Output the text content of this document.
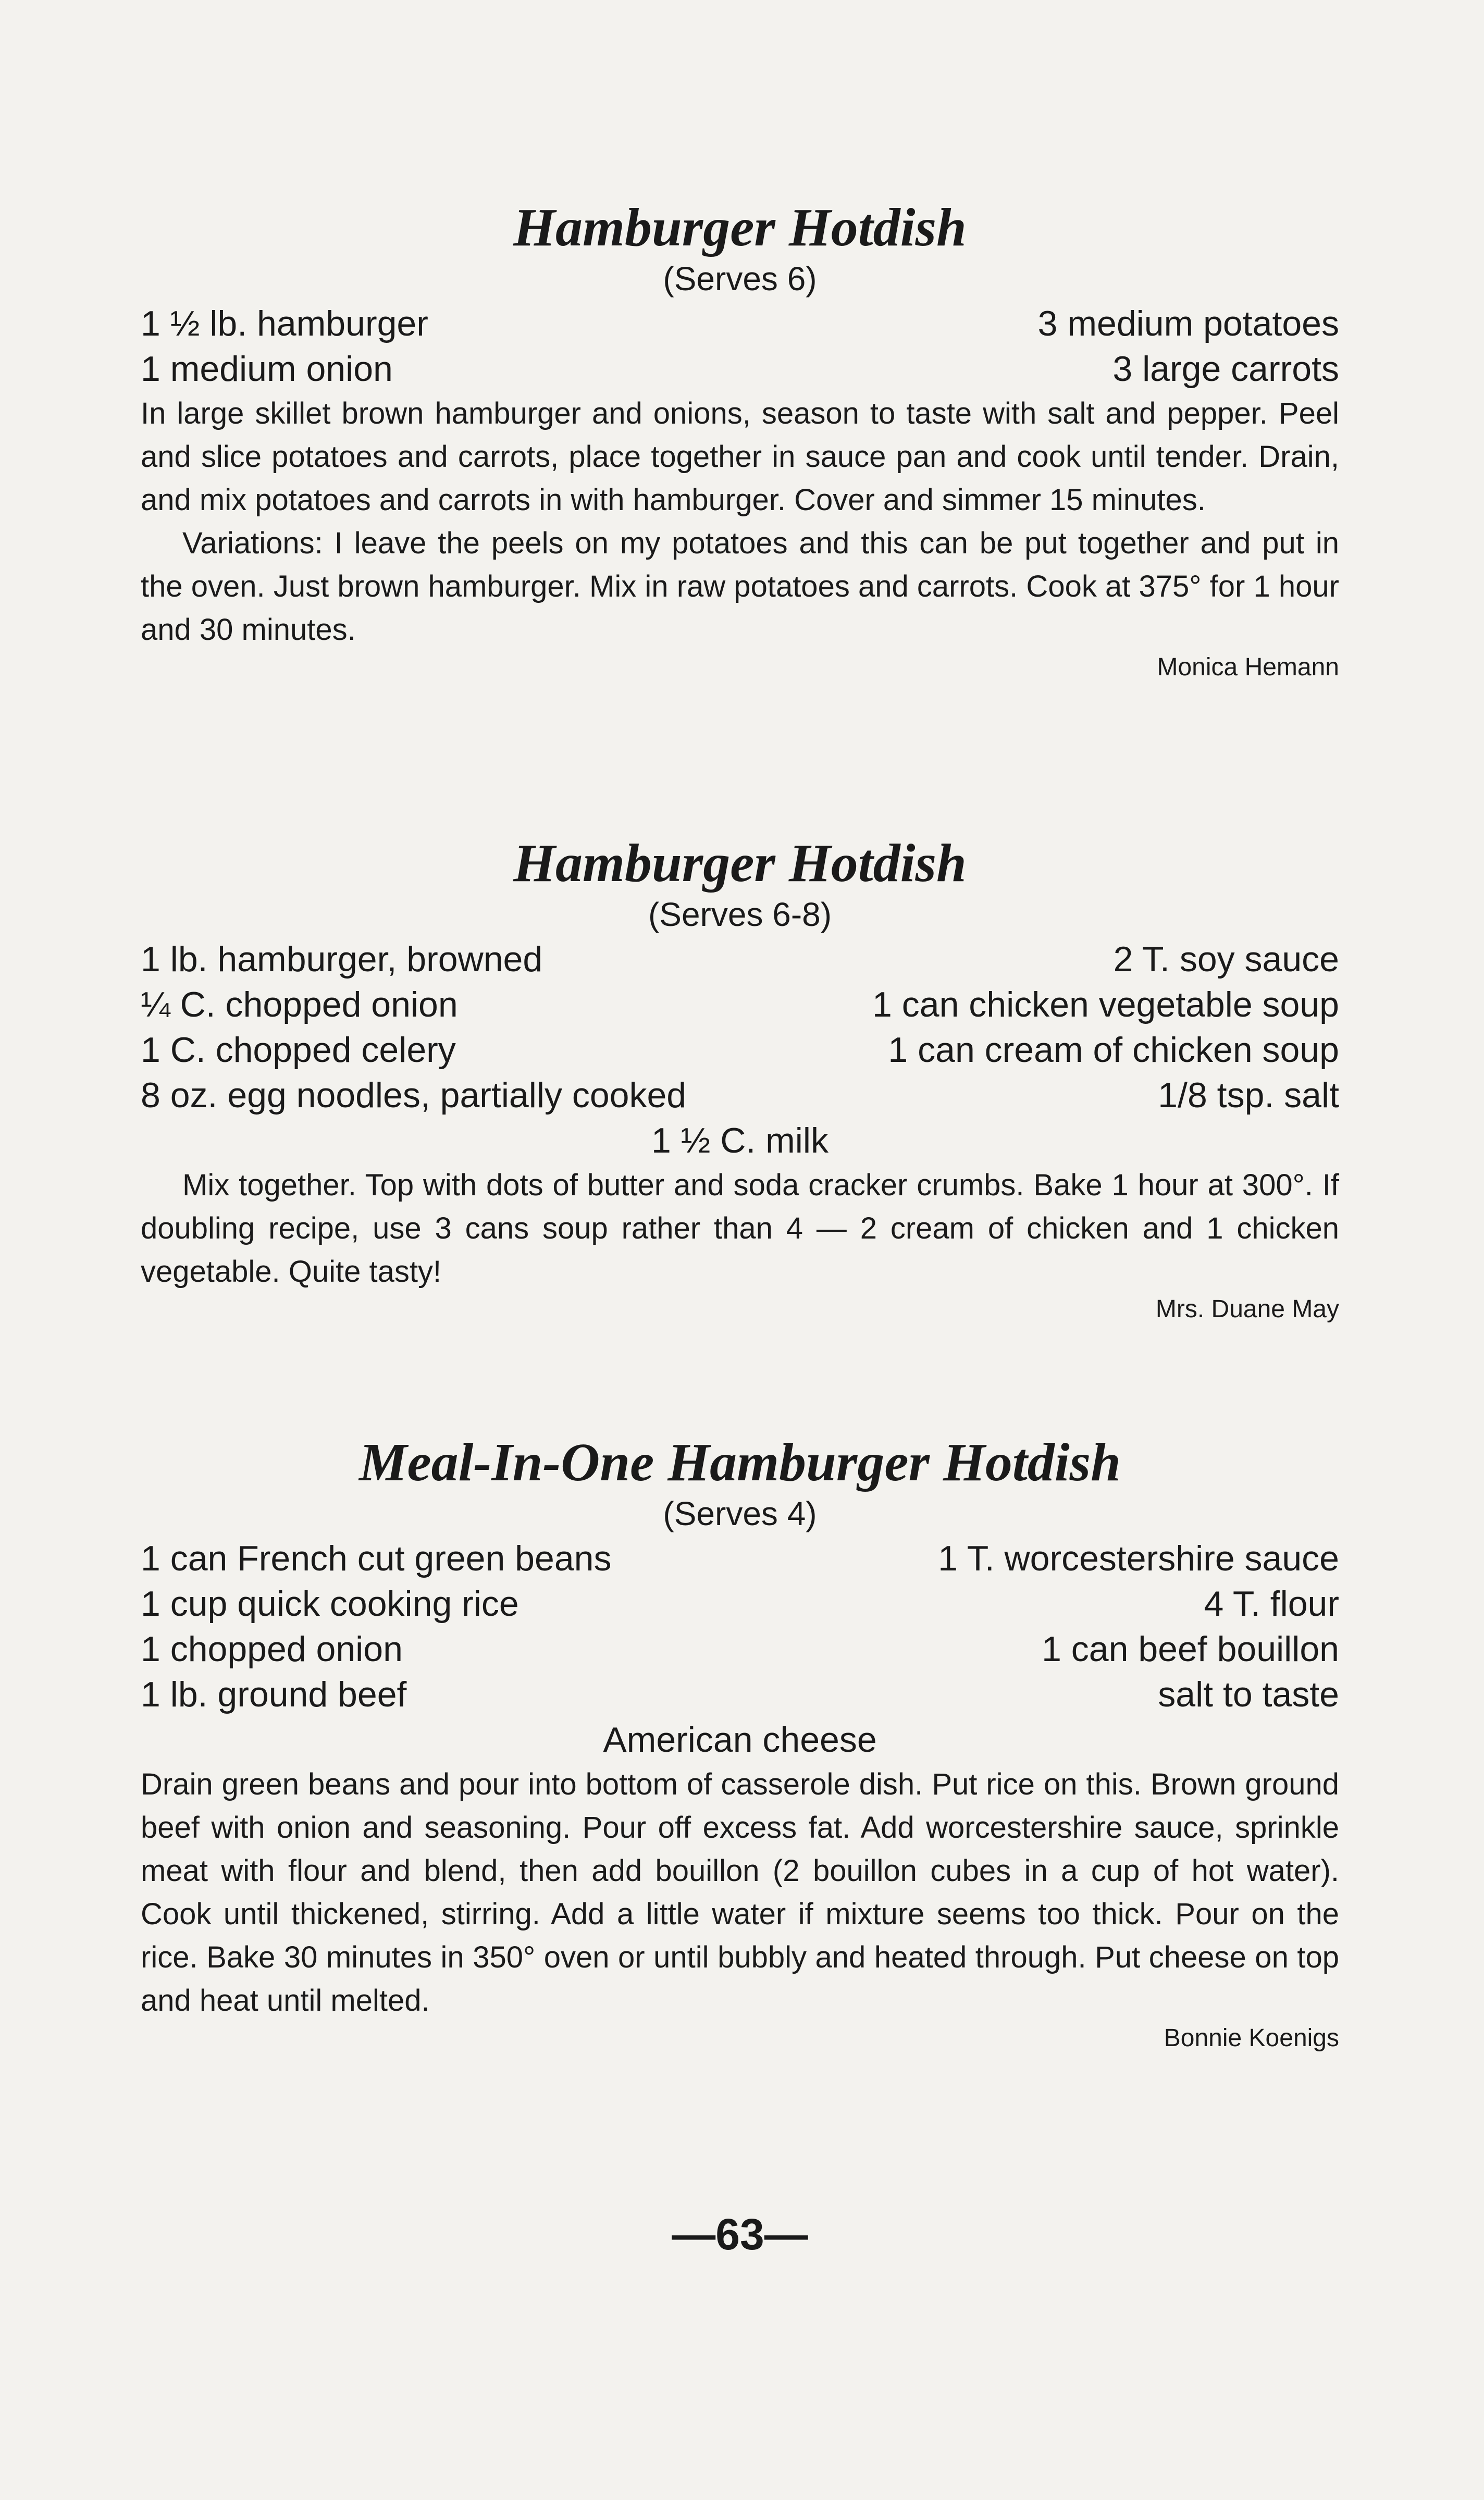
Hamburger Hotdish

(Serves 6)

1 ½ lb. hamburger	3 medium potatoes
1 medium onion	3 large carrots

In large skillet brown hamburger and onions, season to taste with salt and pepper. Peel and slice potatoes and carrots, place together in sauce pan and cook until tender. Drain, and mix potatoes and carrots in with hamburger. Cover and simmer 15 minutes.

Variations: I leave the peels on my potatoes and this can be put together and put in the oven. Just brown hamburger. Mix in raw potatoes and carrots. Cook at 375° for 1 hour and 30 minutes.

Monica Hemann

Hamburger Hotdish

(Serves 6-8)

1 lb. hamburger, browned	2 T. soy sauce
¼ C. chopped onion	1 can chicken vegetable soup
1 C. chopped celery	1 can cream of chicken soup
8 oz. egg noodles, partially cooked	1/8 tsp. salt
1 ½ C. milk

Mix together. Top with dots of butter and soda cracker crumbs. Bake 1 hour at 300°. If doubling recipe, use 3 cans soup rather than 4 — 2 cream of chicken and 1 chicken vegetable. Quite tasty!

Mrs. Duane May

Meal-In-One Hamburger Hotdish

(Serves 4)

1 can French cut green beans	1 T. worcestershire sauce
1 cup quick cooking rice	4 T. flour
1 chopped onion	1 can beef bouillon
1 lb. ground beef	salt to taste
American cheese

Drain green beans and pour into bottom of casserole dish. Put rice on this. Brown ground beef with onion and seasoning. Pour off excess fat. Add worcestershire sauce, sprinkle meat with flour and blend, then add bouillon (2 bouillon cubes in a cup of hot water). Cook until thickened, stirring. Add a little water if mixture seems too thick. Pour on the rice. Bake 30 minutes in 350° oven or until bubbly and heated through. Put cheese on top and heat until melted.

Bonnie Koenigs

—63—
